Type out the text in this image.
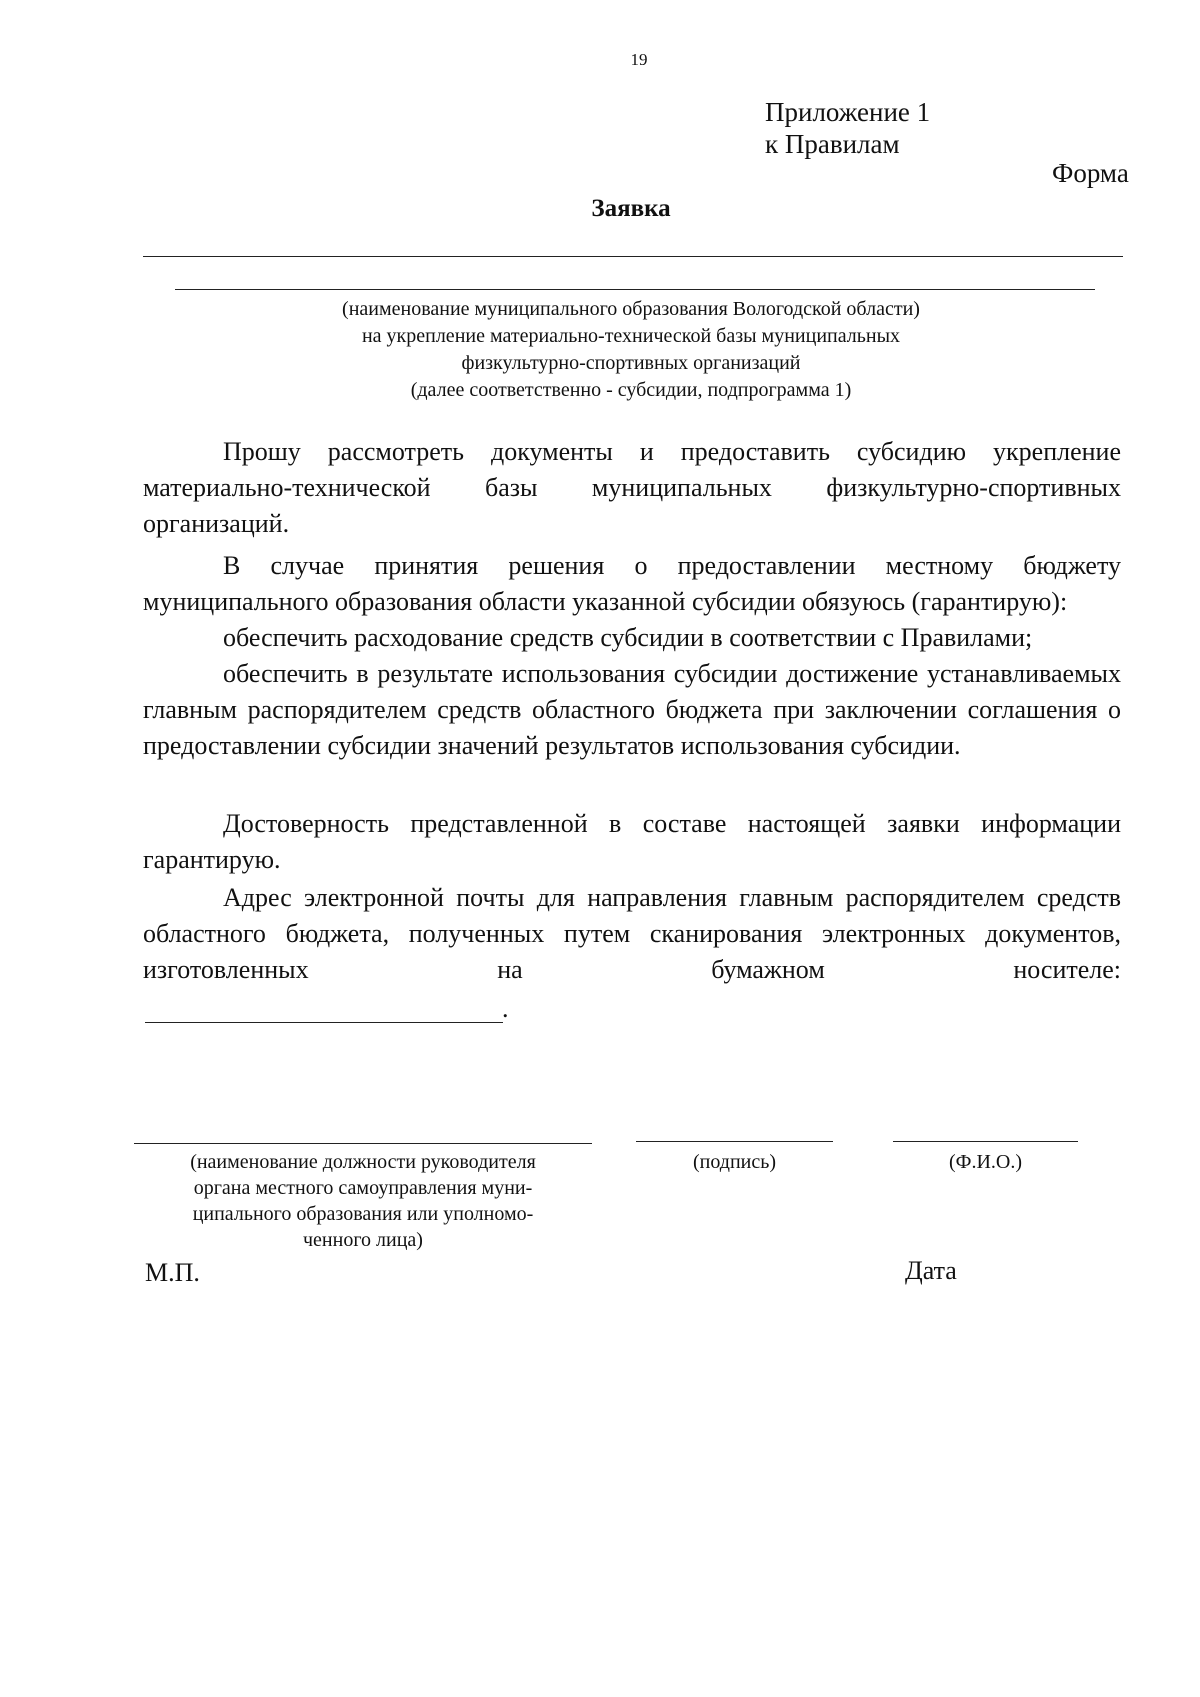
19
Приложение 1
к Правилам
Форма
Заявка
(наименование муниципального образования Вологодской области)
на укрепление материально-технической базы муниципальных
физкультурно-спортивных организаций
(далее соответственно - субсидии, подпрограмма 1)
Прошу рассмотреть документы и предоставить субсидию укрепление материально-технической базы муниципальных физкультурно-спортивных организаций.
В случае принятия решения о предоставлении местному бюджету муниципального образования области указанной субсидии обязуюсь (гарантирую):
обеспечить расходование средств субсидии в соответствии с Правилами;
обеспечить в результате использования субсидии достижение устанавливаемых главным распорядителем средств областного бюджета при заключении соглашения о предоставлении субсидии значений результатов использования субсидии.
Достоверность представленной в составе настоящей заявки информации гарантирую.
Адрес электронной почты для направления главным распорядителем средств областного бюджета, полученных путем сканирования электронных документов, изготовленных на бумажном носителе:
.
(наименование должности руководителя
органа местного самоуправления муни-
ципального образования или уполномо-
ченного лица)
(подпись)	(Ф.И.О.)
М.П.	Дата
